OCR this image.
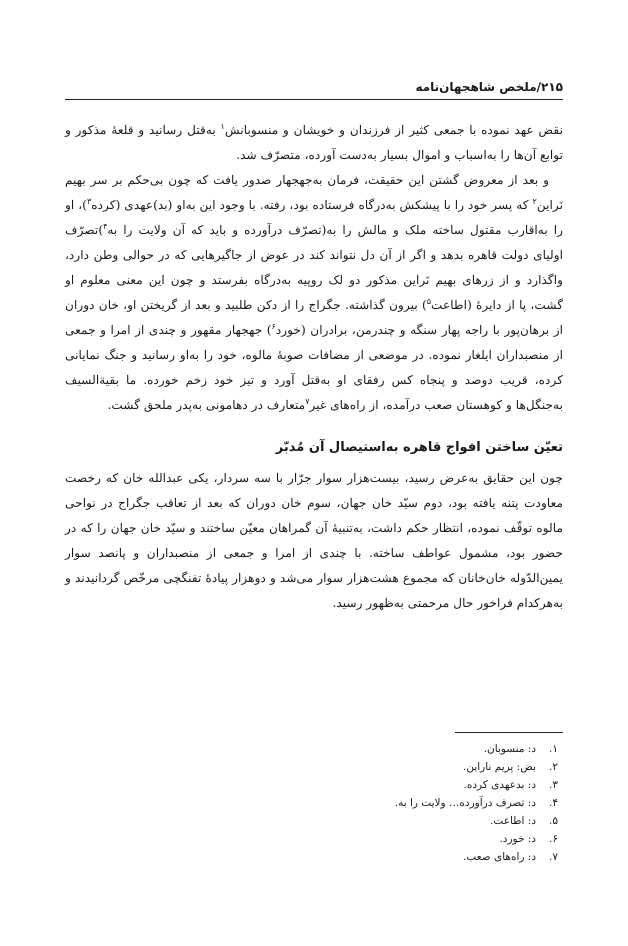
۲۱۵/ملخص شاهجهان‌نامه

نقض عهد نموده با جمعی کثیر از فرزندان و خویشان و منسوبانش$^۱$ به‌قتل رسانید و قلعهٔ مذکور و توابع آن‌ها را به‌اسباب و اموال بسیار به‌دست آورده، متصرّف شد.

و بعد از معروض گشتن این حقیقت، فرمان به‌جهجهار صدور یافت که چون بی‌حکم بر سر بهیم نَراین$^۲$ که پسر خود را با پیشکش به‌درگاه فرستاده بود، رفته. با وجود این به‌او (بد)عهدی (کرده$^۳$)، او را به‌اقارب مقتول ساخته ملک و مالش را به(تصرّف درآورده و باید که آن ولایت را به$^۴$)تصرّف اولیای دولت قاهره بدهد و اگر از آن دل نتواند کند در عوض از جاگیرهایی که در حوالی وطن دارد، واگذارد و از زرهای بهیم نَراین مذکور دو لک روپیه به‌درگاه بفرستد و چون این معنی معلوم او گشت، پا از دایرهٔ (اطاعت$^۵$) بیرون گذاشته. جگراج را از دکن طلبید و بعد از گریختن او، خان دوران از برهان‌پور با راجه پهار سنگه و چندرمن، برادران (خورد$^۶$) جهجهار مقهور و چندی از امرا و جمعی از منصبداران ایلغار نموده. در موضعی از مضافات صوبهٔ مالوه، خود را به‌او رسانید و جنگ نمایانی کرده، قریب دوصد و پنجاه کس رفقای او به‌قتل آورد و تیز خود زخم خورده. ما بقیةالسیف به‌جنگل‌ها و کوهستان صعب درآمده، از راه‌های غیر$^۷$متعارف در دهامونی به‌پدر ملحق گشت.

تعیّن ساختن افواج قاهره به‌استیصال آن مُدبّر

چون این حقایق به‌عرض رسید، بیست‌هزار سوار جرّار با سه سردار، یکی عبدالله خان که رخصت معاودت پتنه یافته بود، دوم سیّد خان جهان، سوم خان دوران که بعد از تعاقب جگراج در نواحی مالوه توقّف نموده، انتظار حکم داشت، به‌تنبیهٔ آن گمراهان معیّن ساختند و سیّد خان جهان را که در حضور بود، مشمول عواطف ساخته. با چندی از امرا و جمعی از منصبداران و پانصد سوار یمین‌الدّوله خان‌خانان که مجموع هشت‌هزار سوار می‌شد و دوهزار پیادهٔ تفنگچی مرخّص گردانیدند و به‌هرکدام فراخور حال مرحمتی به‌ظهور رسید.

۱.د: منسوبان.
۲.بض: پریم ناراین.
۳.د: بدعهدی کرده.
۴.د: تصرف درآورده… ولایت را به.
۵.د: اطاعت.
۶.د: خورد.
۷.د: راه‌های صعب.
